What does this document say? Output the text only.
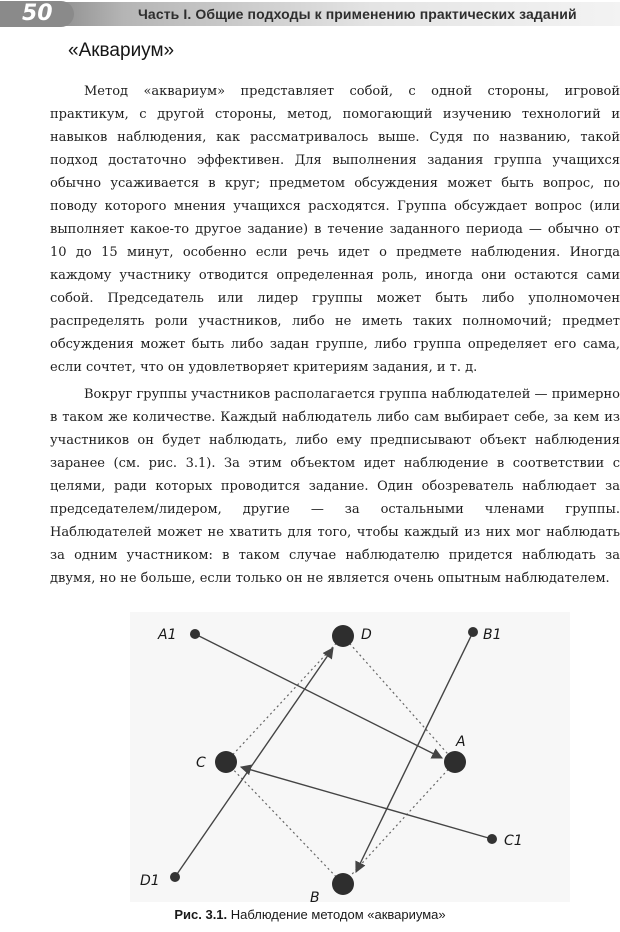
50	Часть I. Общие подходы к применению практических заданий
«Аквариум»

Метод «аквариум» представляет собой, с одной стороны, игровой практикум, с другой стороны, метод, помогающий изучению технологий и навыков наблюдения, как рассматривалось выше. Судя по названию, такой подход достаточно эффективен. Для выполнения задания группа учащихся обычно усаживается в круг; предметом обсуждения может быть вопрос, по поводу которого мнения учащихся расходятся. Группа обсуждает вопрос (или выполняет какое-то другое задание) в течение заданного периода — обычно от 10 до 15 минут, особенно если речь идет о предмете наблюдения. Иногда каждому участнику отводится определенная роль, иногда они остаются сами собой. Председатель или лидер группы может быть либо уполномочен распределять роли участников, либо не иметь таких полномочий; предмет обсуждения может быть либо задан группе, либо группа определяет его сама, если сочтет, что он удовлетворяет критериям задания, и т. д.

Вокруг группы участников располагается группа наблюдателей — примерно в таком же количестве. Каждый наблюдатель либо сам выбирает себе, за кем из участников он будет наблюдать, либо ему предписывают объект наблюдения заранее (см. рис. 3.1). За этим объектом идет наблюдение в соответствии с целями, ради которых проводится задание. Один обозреватель наблюдает за председателем/лидером, другие — за остальными членами группы. Наблюдателей может не хватить для того, чтобы каждый из них мог наблюдать за одним участником: в таком случае наблюдателю придется наблюдать за двумя, но не больше, если только он не является очень опытным наблюдателем.

A1	B1
C1
D1
D
A
B
C
Рис. 3.1. Наблюдение методом «аквариума»
